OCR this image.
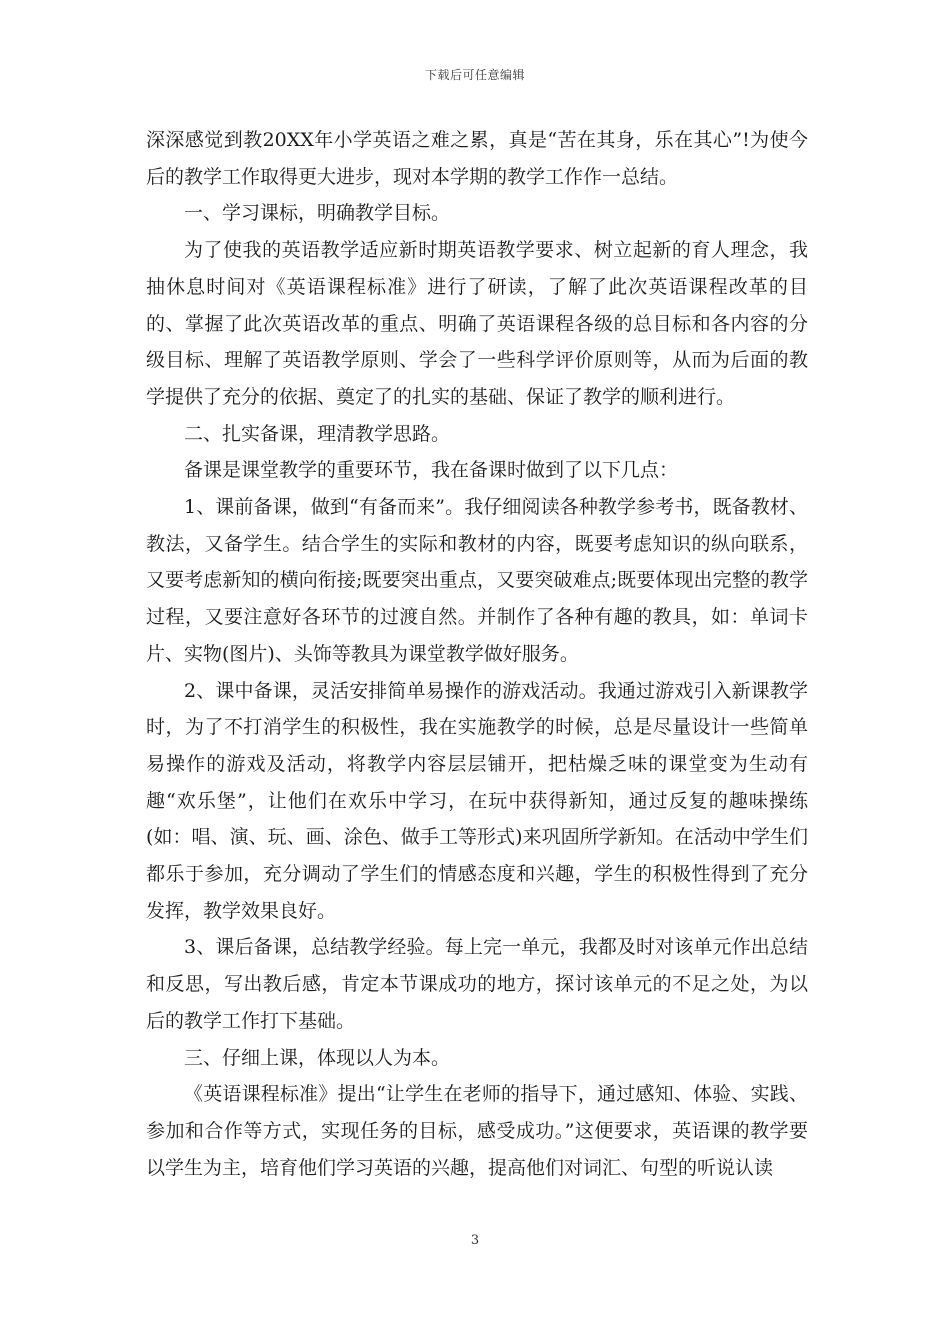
下载后可任意编辑

深深感觉到教20XX年小学英语之难之累，真是“苦在其身，乐在其心”!为使今后的教学工作取得更大进步，现对本学期的教学工作作一总结。

一、学习课标，明确教学目标。

为了使我的英语教学适应新时期英语教学要求、树立起新的育人理念，我抽休息时间对《英语课程标准》进行了研读，了解了此次英语课程改革的目的、掌握了此次英语改革的重点、明确了英语课程各级的总目标和各内容的分级目标、理解了英语教学原则、学会了一些科学评价原则等，从而为后面的教学提供了充分的依据、奠定了的扎实的基础、保证了教学的顺利进行。

二、扎实备课，理清教学思路。

备课是课堂教学的重要环节，我在备课时做到了以下几点：

1、课前备课，做到“有备而来”。我仔细阅读各种教学参考书，既备教材、教法，又备学生。结合学生的实际和教材的内容，既要考虑知识的纵向联系，又要考虑新知的横向衔接;既要突出重点，又要突破难点;既要体现出完整的教学过程，又要注意好各环节的过渡自然。并制作了各种有趣的教具，如：单词卡片、实物(图片)、头饰等教具为课堂教学做好服务。

2、课中备课，灵活安排简单易操作的游戏活动。我通过游戏引入新课教学时，为了不打消学生的积极性，我在实施教学的时候，总是尽量设计一些简单易操作的游戏及活动，将教学内容层层铺开，把枯燥乏味的课堂变为生动有趣“欢乐堡”，让他们在欢乐中学习，在玩中获得新知，通过反复的趣味操练(如：唱、演、玩、画、涂色、做手工等形式)来巩固所学新知。在活动中学生们都乐于参加，充分调动了学生们的情感态度和兴趣，学生的积极性得到了充分发挥，教学效果良好。

3、课后备课，总结教学经验。每上完一单元，我都及时对该单元作出总结和反思，写出教后感，肯定本节课成功的地方，探讨该单元的不足之处，为以后的教学工作打下基础。

三、仔细上课，体现以人为本。

《英语课程标准》提出“让学生在老师的指导下，通过感知、体验、实践、参加和合作等方式，实现任务的目标，感受成功。”这便要求，英语课的教学要以学生为主，培育他们学习英语的兴趣，提高他们对词汇、句型的听说认读

3
